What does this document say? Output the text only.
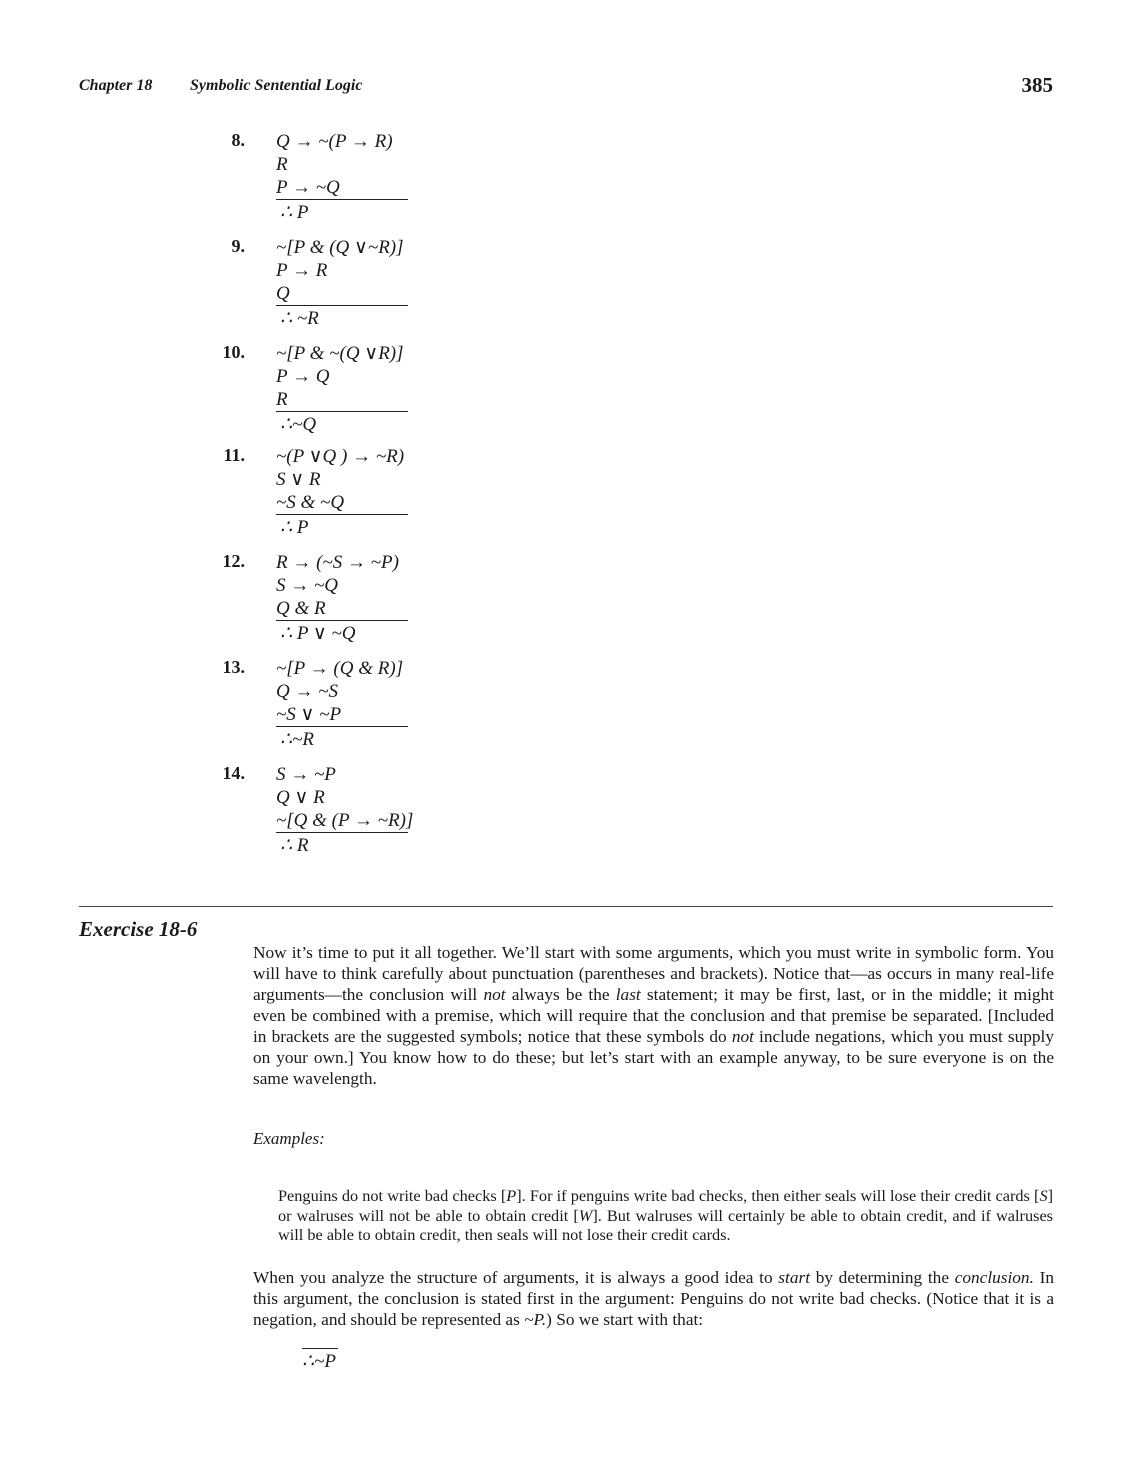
Chapter 18 Symbolic Sentential Logic	385
8. Q → ~(P → R)
R
P → ~Q
∴ P
9. ~[P & (Q ∨~R)]
P → R
Q
∴ ~R
10. ~[P & ~(Q ∨R)]
P → Q
R
∴~Q
11. ~(P ∨Q ) → ~R)
S ∨ R
~S & ~Q
∴ P
12. R → (~S → ~P)
S → ~Q
Q & R
∴ P ∨ ~Q
13. ~[P → (Q & R)]
Q → ~S
~S ∨ ~P
∴~R
14. S → ~P
Q ∨ R
~[Q & (P → ~R)]
∴ R
Exercise 18-6
Now it’s time to put it all together. We’ll start with some arguments, which you must write in symbolic form. You will have to think carefully about punctuation (parentheses and brackets). Notice that—as occurs in many real-life arguments—the conclusion will not always be the last statement; it may be first, last, or in the middle; it might even be combined with a premise, which will require that the conclusion and that premise be separated. [Included in brackets are the suggested symbols; notice that these symbols do not include negations, which you must supply on your own.] You know how to do these; but let’s start with an example anyway, to be sure everyone is on the same wavelength.
Examples:
Penguins do not write bad checks [P]. For if penguins write bad checks, then either seals will lose their credit cards [S] or walruses will not be able to obtain credit [W]. But walruses will certainly be able to obtain credit, and if walruses will be able to obtain credit, then seals will not lose their credit cards.
When you analyze the structure of arguments, it is always a good idea to start by determining the conclusion. In this argument, the conclusion is stated first in the argument: Penguins do not write bad checks. (Notice that it is a negation, and should be represented as ~P.) So we start with that:
∴~P
